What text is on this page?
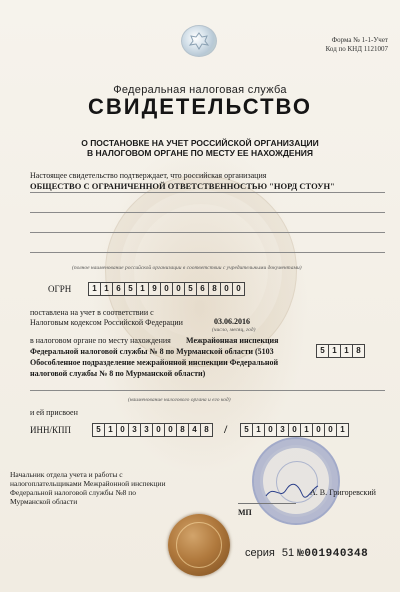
Форма № 1-1-Учет
Код по КНД 1121007
Федеральная налоговая служба
СВИДЕТЕЛЬСТВО
О ПОСТАНОВКЕ НА УЧЕТ РОССИЙСКОЙ ОРГАНИЗАЦИИ
В НАЛОГОВОМ ОРГАНЕ ПО МЕСТУ ЕЕ НАХОЖДЕНИЯ
Настоящее свидетельство подтверждает, что российская организация
ОБЩЕСТВО С ОГРАНИЧЕННОЙ ОТВЕТСТВЕННОСТЬЮ "НОРД СТОУН"
(полное наименование российской организации в соответствии с учредительными документами)
ОГРН	1 1 6 5 1 9 0 0 5 6 8 0 0
поставлена на учет в соответствии с
Налоговым кодексом Российской Федерации	03.06.2016
(число, месяц, год)
в налоговом органе по месту нахождения Межрайонная инспекция
Федеральной налоговой службы № 8 по Мурманской области (5103	5 1 1 8
Обособленное подразделение межрайонной инспекции Федеральной
налоговой службы № 8 по Мурманской области)
(наименование налогового органа и его код)
и ей присвоен
ИНН/КПП	5 1 0 3 3 0 0 8 4 8	/	5 1 0 3 0 1 0 0 1
Начальник отдела учета и работы с
налогоплательщиками Межрайонной инспекции
Федеральной налоговой службы №8 по
Мурманской области
МП
А. В. Григоревский
серия 51 №001940348
